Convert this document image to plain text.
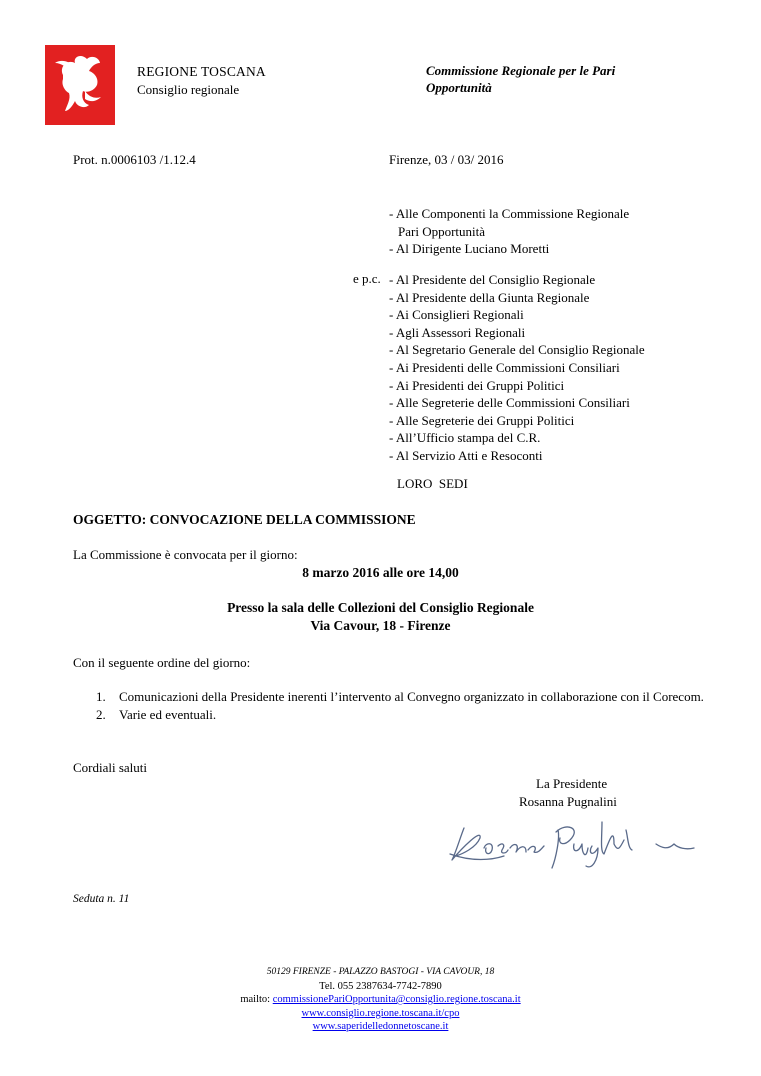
REGIONE TOSCANA
Consiglio regionale
Commissione Regionale per le Pari
Opportunità
Prot. n.0006103 /1.12.4	Firenze, 03 / 03/ 2016
- Alle Componenti la Commissione Regionale
Pari Opportunità
- Al Dirigente Luciano Moretti
e p.c. - Al Presidente del Consiglio Regionale
- Al Presidente della Giunta Regionale
- Ai Consiglieri Regionali
- Agli Assessori Regionali
- Al Segretario Generale del Consiglio Regionale
- Ai Presidenti delle Commissioni Consiliari
- Ai Presidenti dei Gruppi Politici
- Alle Segreterie delle Commissioni Consiliari
- Alle Segreterie dei Gruppi Politici
- All’Ufficio stampa del C.R.
- Al Servizio Atti e Resoconti
LORO  SEDI
OGGETTO: CONVOCAZIONE DELLA COMMISSIONE
La Commissione è convocata per il giorno:
8 marzo 2016 alle ore 14,00
Presso la sala delle Collezioni del Consiglio Regionale
Via Cavour, 18 - Firenze
Con il seguente ordine del giorno:
1.	Comunicazioni della Presidente inerenti l’intervento al Convegno organizzato in collaborazione con il Corecom.
2.	Varie ed eventuali.
Cordiali saluti
La Presidente
Rosanna Pugnalini
Seduta n. 11
50129 FIRENZE - PALAZZO BASTOGI - VIA CAVOUR, 18
Tel. 055 2387634-7742-7890
mailto: commissionePariOpportunita@consiglio.regione.toscana.it
www.consiglio.regione.toscana.it/cpo
www.saperidelledonnetoscane.it
